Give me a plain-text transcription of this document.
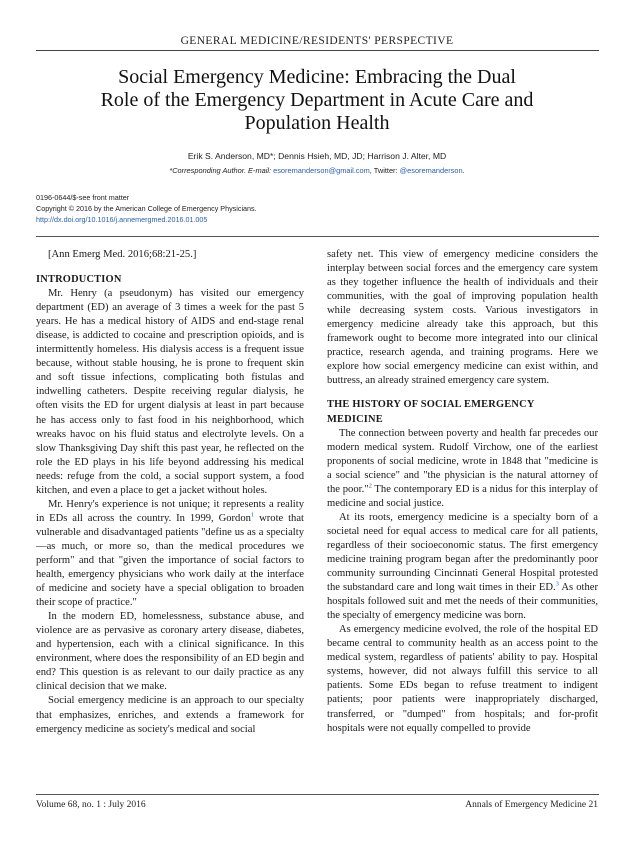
GENERAL MEDICINE/RESIDENTS' PERSPECTIVE
Social Emergency Medicine: Embracing the Dual
Role of the Emergency Department in Acute Care and
Population Health
Erik S. Anderson, MD*; Dennis Hsieh, MD, JD; Harrison J. Alter, MD
*Corresponding Author. E-mail: esoremanderson@gmail.com, Twitter: @esoremanderson.
0196-0644/$-see front matter
Copyright © 2016 by the American College of Emergency Physicians.
http://dx.doi.org/10.1016/j.annemergmed.2016.01.005

[Ann Emerg Med. 2016;68:21-25.]

INTRODUCTION

Mr. Henry (a pseudonym) has visited our emergency department (ED) an average of 3 times a week for the past 5 years. He has a medical history of AIDS and end-stage renal disease, is addicted to cocaine and prescription opioids, and is intermittently homeless. His dialysis access is a frequent issue because, without stable housing, he is prone to frequent skin and soft tissue infections, complicating both fistulas and indwelling catheters. Despite receiving regular dialysis, he often visits the ED for urgent dialysis at least in part because he has access only to fast food in his neighborhood, which wreaks havoc on his fluid status and electrolyte levels. On a slow Thanksgiving Day shift this past year, he reflected on the role the ED plays in his life beyond addressing his medical needs: refuge from the cold, a social support system, a food kitchen, and even a place to get a jacket without holes.

Mr. Henry's experience is not unique; it represents a reality in EDs all across the country. In 1999, Gordon$^1$ wrote that vulnerable and disadvantaged patients "define us as a specialty—as much, or more so, than the medical procedures we perform" and that "given the importance of social factors to health, emergency physicians who work daily at the interface of medicine and society have a special obligation to broaden their scope of practice."

In the modern ED, homelessness, substance abuse, and violence are as pervasive as coronary artery disease, diabetes, and hypertension, each with a clinical significance. In this environment, where does the responsibility of an ED begin and end? This question is as relevant to our daily practice as any clinical decision that we make.

Social emergency medicine is an approach to our specialty that emphasizes, enriches, and extends a framework for emergency medicine as society's medical and social

safety net. This view of emergency medicine considers the interplay between social forces and the emergency care system as they together influence the health of individuals and their communities, with the goal of improving population health while decreasing system costs. Various investigators in emergency medicine already take this approach, but this framework ought to become more integrated into our clinical practice, research agenda, and training programs. Here we explore how social emergency medicine can exist within, and buttress, an already strained emergency care system.

THE HISTORY OF SOCIAL EMERGENCY
MEDICINE

The connection between poverty and health far precedes our modern medical system. Rudolf Virchow, one of the earliest proponents of social medicine, wrote in 1848 that "medicine is a social science" and "the physician is the natural attorney of the poor."$^2$ The contemporary ED is a nidus for this interplay of medicine and social justice.

At its roots, emergency medicine is a specialty born of a societal need for equal access to medical care for all patients, regardless of their socioeconomic status. The first emergency medicine training program began after the predominantly poor community surrounding Cincinnati General Hospital protested the substandard care and long wait times in their ED.$^3$ As other hospitals followed suit and met the needs of their communities, the specialty of emergency medicine was born.

As emergency medicine evolved, the role of the hospital ED became central to community health as an access point to the medical system, regardless of patients' ability to pay. Hospital systems, however, did not always fulfill this service to all patients. Some EDs began to refuse treatment to indigent patients; poor patients were inappropriately discharged, transferred, or "dumped" from hospitals; and for-profit hospitals were not equally compelled to provide

Volume 68, no. 1 : July 2016	Annals of Emergency Medicine 21
